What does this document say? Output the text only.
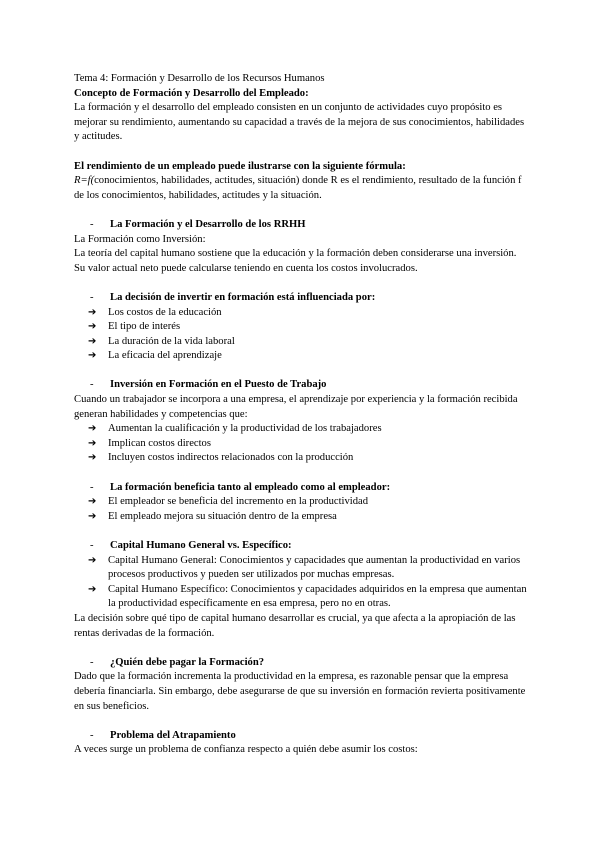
Tema 4: Formación y Desarrollo de los Recursos Humanos

Concepto de Formación y Desarrollo del Empleado:

La formación y el desarrollo del empleado consisten en un conjunto de actividades cuyo propósito es mejorar su rendimiento, aumentando su capacidad a través de la mejora de sus conocimientos, habilidades y actitudes.

El rendimiento de un empleado puede ilustrarse con la siguiente fórmula:

R=f(conocimientos, habilidades, actitudes, situación) donde R es el rendimiento, resultado de la función f de los conocimientos, habilidades, actitudes y la situación.

-	La Formación y el Desarrollo de los RRHH

La Formación como Inversión:

La teoría del capital humano sostiene que la educación y la formación deben considerarse una inversión. Su valor actual neto puede calcularse teniendo en cuenta los costos involucrados.

-	La decisión de invertir en formación está influenciada por:
➔	Los costos de la educación
➔	El tipo de interés
➔	La duración de la vida laboral
➔	La eficacia del aprendizaje
-	Inversión en Formación en el Puesto de Trabajo

Cuando un trabajador se incorpora a una empresa, el aprendizaje por experiencia y la formación recibida generan habilidades y competencias que:

➔	Aumentan la cualificación y la productividad de los trabajadores
➔	Implican costos directos
➔	Incluyen costos indirectos relacionados con la producción
-	La formación beneficia tanto al empleado como al empleador:
➔	El empleador se beneficia del incremento en la productividad
➔	El empleado mejora su situación dentro de la empresa
-	Capital Humano General vs. Específico:
➔	Capital Humano General: Conocimientos y capacidades que aumentan la productividad en varios procesos productivos y pueden ser utilizados por muchas empresas.
➔	Capital Humano Específico: Conocimientos y capacidades adquiridos en la empresa que aumentan la productividad específicamente en esa empresa, pero no en otras.

La decisión sobre qué tipo de capital humano desarrollar es crucial, ya que afecta a la apropiación de las rentas derivadas de la formación.

-	¿Quién debe pagar la Formación?

Dado que la formación incrementa la productividad en la empresa, es razonable pensar que la empresa debería financiarla. Sin embargo, debe asegurarse de que su inversión en formación revierta positivamente en sus beneficios.

-	Problema del Atrapamiento

A veces surge un problema de confianza respecto a quién debe asumir los costos:
